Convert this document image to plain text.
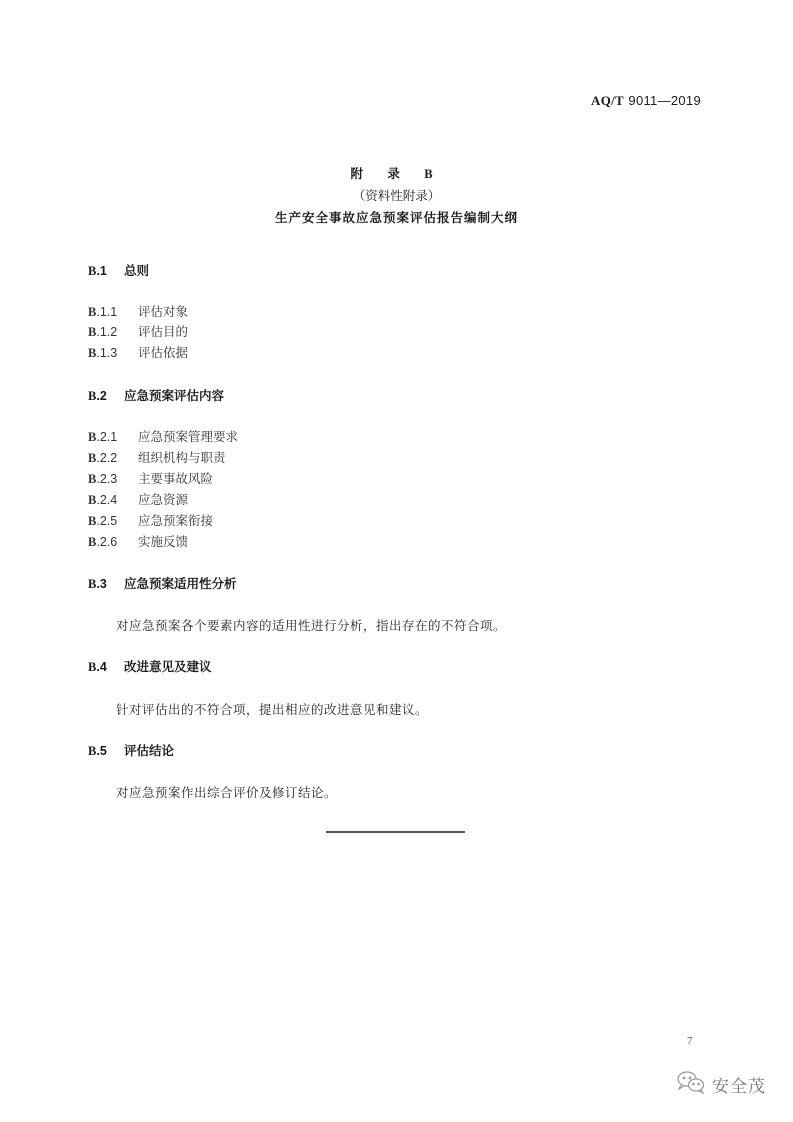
AQ/T 9011—2019
附 录 B
（资料性附录）
生产安全事故应急预案评估报告编制大纲
B.1 总则
B.1.1 评估对象
B.1.2 评估目的
B.1.3 评估依据
B.2 应急预案评估内容
B.2.1 应急预案管理要求
B.2.2 组织机构与职责
B.2.3 主要事故风险
B.2.4 应急资源
B.2.5 应急预案衔接
B.2.6 实施反馈
B.3 应急预案适用性分析
对应急预案各个要素内容的适用性进行分析，指出存在的不符合项。
B.4 改进意见及建议
针对评估出的不符合项，提出相应的改进意见和建议。
B.5 评估结论
对应急预案作出综合评价及修订结论。
7
安全茂
